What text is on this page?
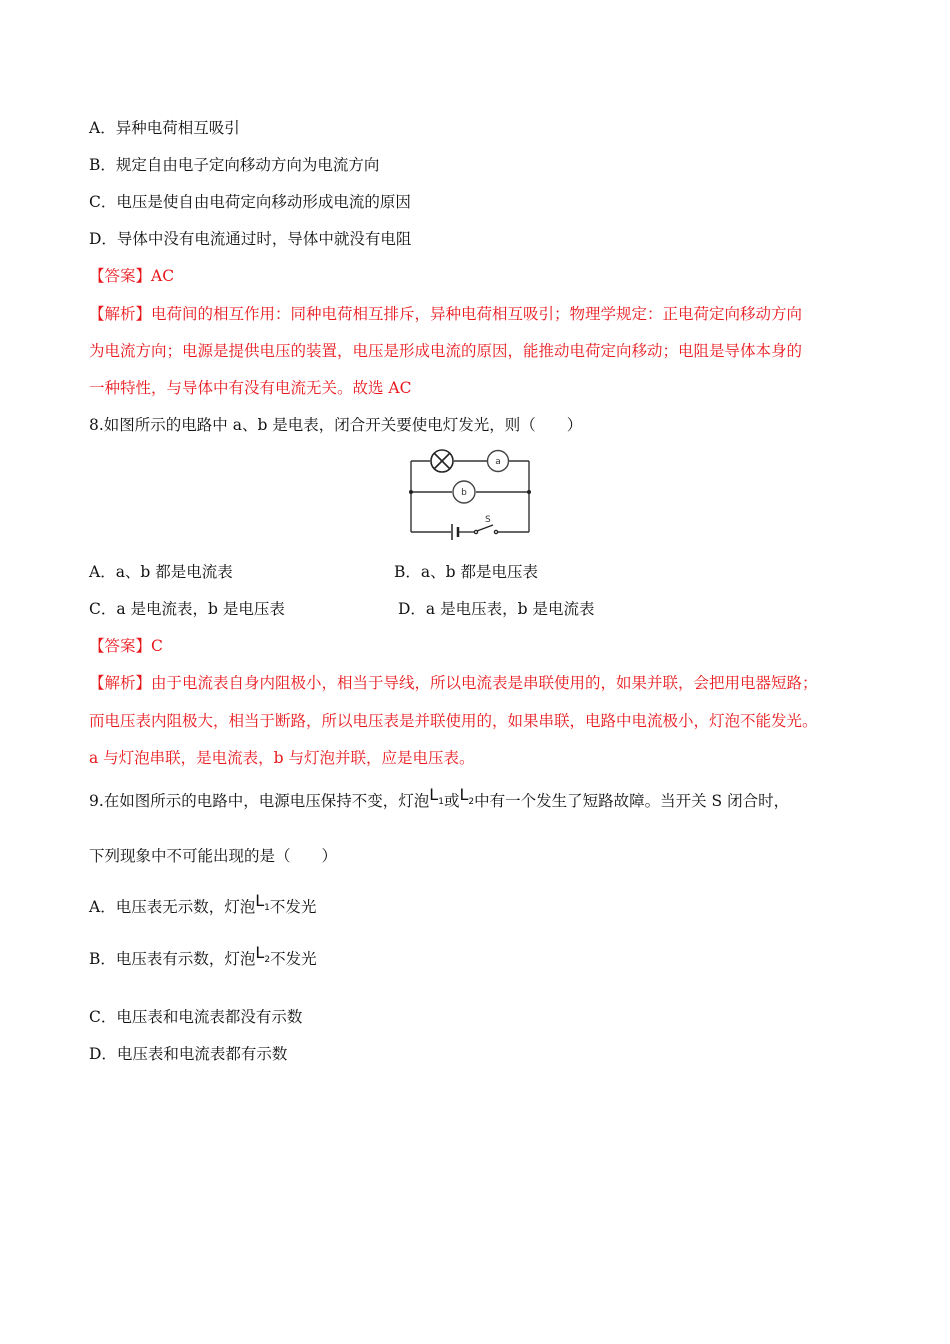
A．异种电荷相互吸引
B．规定自由电子定向移动方向为电流方向
C．电压是使自由电荷定向移动形成电流的原因
D．导体中没有电流通过时，导体中就没有电阻
【答案】AC
【解析】电荷间的相互作用：同种电荷相互排斥，异种电荷相互吸引；物理学规定：正电荷定向移动方向
为电流方向；电源是提供电压的装置，电压是形成电流的原因，能推动电荷定向移动；电阻是导体本身的
一种特性，与导体中有没有电流无关。故选 AC
8.如图所示的电路中 a、b 是电表，闭合开关要使电灯发光，则（　　）
a
b
S
A．a、b 都是电流表	B．a、b 都是电压表
C．a 是电流表，b 是电压表	D．a 是电压表，b 是电流表
【答案】C
【解析】由于电流表自身内阻极小，相当于导线，所以电流表是串联使用的，如果并联，会把用电器短路；
而电压表内阻极大，相当于断路，所以电压表是并联使用的，如果串联，电路中电流极小，灯泡不能发光。
a 与灯泡串联，是电流表，b 与灯泡并联，应是电压表。
9.在如图所示的电路中，电源电压保持不变，灯泡$L_1$或$L_2$中有一个发生了短路故障。当开关 S 闭合时，
下列现象中不可能出现的是（　　）
A．电压表无示数，灯泡$L_1$不发光
B．电压表有示数，灯泡$L_2$不发光
C．电压表和电流表都没有示数
D．电压表和电流表都有示数
